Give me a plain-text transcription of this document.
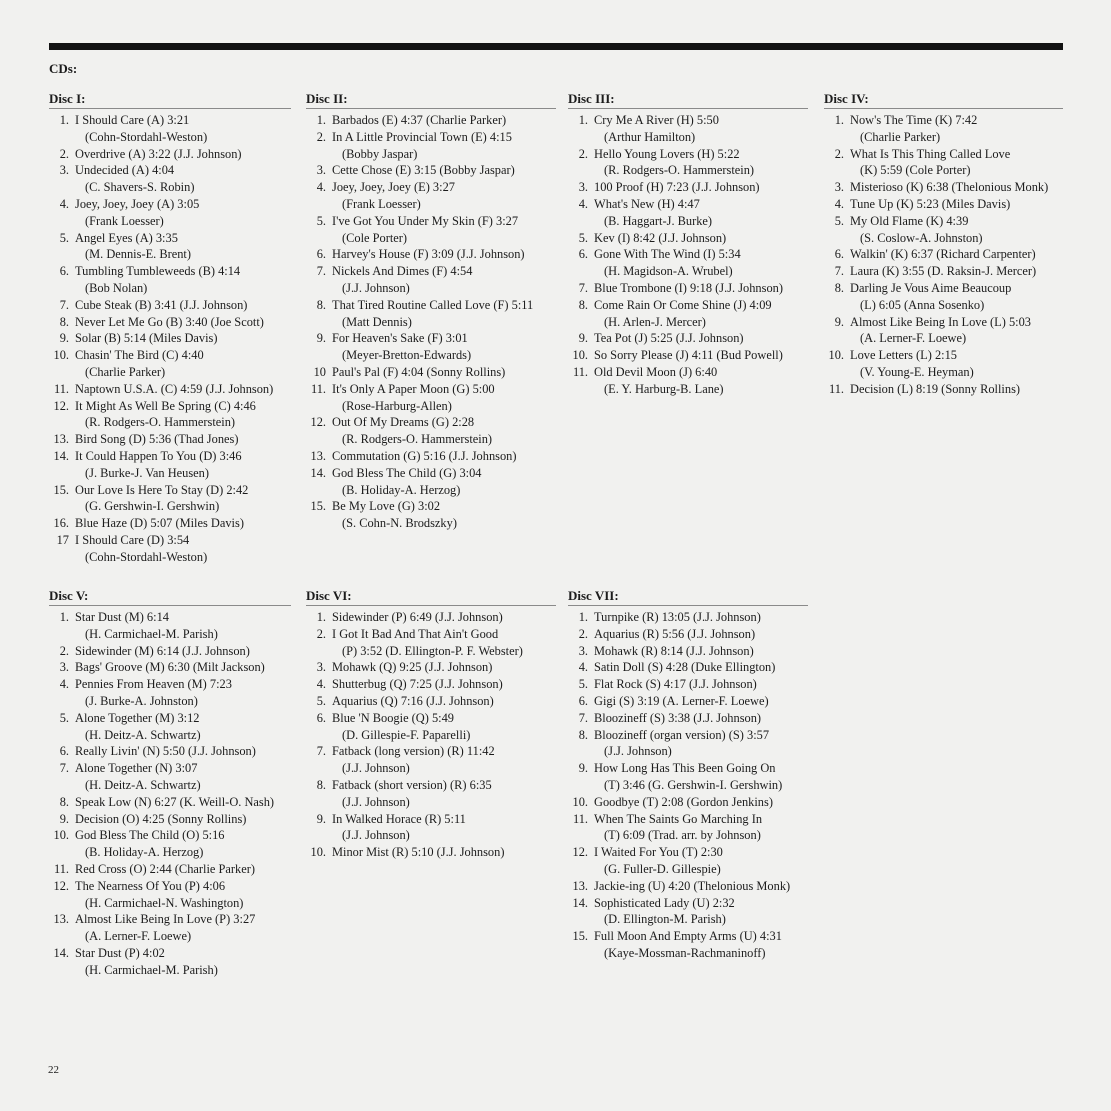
CDs:
Disc I:
1. I Should Care (A) 3:21
(Cohn-Stordahl-Weston)
2. Overdrive (A) 3:22 (J.J. Johnson)
3. Undecided (A) 4:04
(C. Shavers-S. Robin)
4. Joey, Joey, Joey (A) 3:05
(Frank Loesser)
5. Angel Eyes (A) 3:35
(M. Dennis-E. Brent)
6. Tumbling Tumbleweeds (B) 4:14
(Bob Nolan)
7. Cube Steak (B) 3:41 (J.J. Johnson)
8. Never Let Me Go (B) 3:40 (Joe Scott)
9. Solar (B) 5:14 (Miles Davis)
10. Chasin' The Bird (C) 4:40
(Charlie Parker)
11. Naptown U.S.A. (C) 4:59 (J.J. Johnson)
12. It Might As Well Be Spring (C) 4:46
(R. Rodgers-O. Hammerstein)
13. Bird Song (D) 5:36 (Thad Jones)
14. It Could Happen To You (D) 3:46
(J. Burke-J. Van Heusen)
15. Our Love Is Here To Stay (D) 2:42
(G. Gershwin-I. Gershwin)
16. Blue Haze (D) 5:07 (Miles Davis)
17 I Should Care (D) 3:54
(Cohn-Stordahl-Weston)
Disc II:
1. Barbados (E) 4:37 (Charlie Parker)
2. In A Little Provincial Town (E) 4:15
(Bobby Jaspar)
3. Cette Chose (E) 3:15 (Bobby Jaspar)
4. Joey, Joey, Joey (E) 3:27
(Frank Loesser)
5. I've Got You Under My Skin (F) 3:27
(Cole Porter)
6. Harvey's House (F) 3:09 (J.J. Johnson)
7. Nickels And Dimes (F) 4:54
(J.J. Johnson)
8. That Tired Routine Called Love (F) 5:11
(Matt Dennis)
9. For Heaven's Sake (F) 3:01
(Meyer-Bretton-Edwards)
10 Paul's Pal (F) 4:04 (Sonny Rollins)
11. It's Only A Paper Moon (G) 5:00
(Rose-Harburg-Allen)
12. Out Of My Dreams (G) 2:28
(R. Rodgers-O. Hammerstein)
13. Commutation (G) 5:16 (J.J. Johnson)
14. God Bless The Child (G) 3:04
(B. Holiday-A. Herzog)
15. Be My Love (G) 3:02
(S. Cohn-N. Brodszky)
Disc III:
1. Cry Me A River (H) 5:50
(Arthur Hamilton)
2. Hello Young Lovers (H) 5:22
(R. Rodgers-O. Hammerstein)
3. 100 Proof (H) 7:23 (J.J. Johnson)
4. What's New (H) 4:47
(B. Haggart-J. Burke)
5. Kev (I) 8:42 (J.J. Johnson)
6. Gone With The Wind (I) 5:34
(H. Magidson-A. Wrubel)
7. Blue Trombone (I) 9:18 (J.J. Johnson)
8. Come Rain Or Come Shine (J) 4:09
(H. Arlen-J. Mercer)
9. Tea Pot (J) 5:25 (J.J. Johnson)
10. So Sorry Please (J) 4:11 (Bud Powell)
11. Old Devil Moon (J) 6:40
(E. Y. Harburg-B. Lane)
Disc IV:
1. Now's The Time (K) 7:42
(Charlie Parker)
2. What Is This Thing Called Love
(K) 5:59 (Cole Porter)
3. Misterioso (K) 6:38 (Thelonious Monk)
4. Tune Up (K) 5:23 (Miles Davis)
5. My Old Flame (K) 4:39
(S. Coslow-A. Johnston)
6. Walkin' (K) 6:37 (Richard Carpenter)
7. Laura (K) 3:55 (D. Raksin-J. Mercer)
8. Darling Je Vous Aime Beaucoup
(L) 6:05 (Anna Sosenko)
9. Almost Like Being In Love (L) 5:03
(A. Lerner-F. Loewe)
10. Love Letters (L) 2:15
(V. Young-E. Heyman)
11. Decision (L) 8:19 (Sonny Rollins)
Disc V:
1. Star Dust (M) 6:14
(H. Carmichael-M. Parish)
2. Sidewinder (M) 6:14 (J.J. Johnson)
3. Bags' Groove (M) 6:30 (Milt Jackson)
4. Pennies From Heaven (M) 7:23
(J. Burke-A. Johnston)
5. Alone Together (M) 3:12
(H. Deitz-A. Schwartz)
6. Really Livin' (N) 5:50 (J.J. Johnson)
7. Alone Together (N) 3:07
(H. Deitz-A. Schwartz)
8. Speak Low (N) 6:27 (K. Weill-O. Nash)
9. Decision (O) 4:25 (Sonny Rollins)
10. God Bless The Child (O) 5:16
(B. Holiday-A. Herzog)
11. Red Cross (O) 2:44 (Charlie Parker)
12. The Nearness Of You (P) 4:06
(H. Carmichael-N. Washington)
13. Almost Like Being In Love (P) 3:27
(A. Lerner-F. Loewe)
14. Star Dust (P) 4:02
(H. Carmichael-M. Parish)
Disc VI:
1. Sidewinder (P) 6:49 (J.J. Johnson)
2. I Got It Bad And That Ain't Good
(P) 3:52 (D. Ellington-P. F. Webster)
3. Mohawk (Q) 9:25 (J.J. Johnson)
4. Shutterbug (Q) 7:25 (J.J. Johnson)
5. Aquarius (Q) 7:16 (J.J. Johnson)
6. Blue 'N Boogie (Q) 5:49
(D. Gillespie-F. Paparelli)
7. Fatback (long version) (R) 11:42
(J.J. Johnson)
8. Fatback (short version) (R) 6:35
(J.J. Johnson)
9. In Walked Horace (R) 5:11
(J.J. Johnson)
10. Minor Mist (R) 5:10 (J.J. Johnson)
Disc VII:
1. Turnpike (R) 13:05 (J.J. Johnson)
2. Aquarius (R) 5:56 (J.J. Johnson)
3. Mohawk (R) 8:14 (J.J. Johnson)
4. Satin Doll (S) 4:28 (Duke Ellington)
5. Flat Rock (S) 4:17 (J.J. Johnson)
6. Gigi (S) 3:19 (A. Lerner-F. Loewe)
7. Bloozineff (S) 3:38 (J.J. Johnson)
8. Bloozineff (organ version) (S) 3:57
(J.J. Johnson)
9. How Long Has This Been Going On
(T) 3:46 (G. Gershwin-I. Gershwin)
10. Goodbye (T) 2:08 (Gordon Jenkins)
11. When The Saints Go Marching In
(T) 6:09 (Trad. arr. by Johnson)
12. I Waited For You (T) 2:30
(G. Fuller-D. Gillespie)
13. Jackie-ing (U) 4:20 (Thelonious Monk)
14. Sophisticated Lady (U) 2:32
(D. Ellington-M. Parish)
15. Full Moon And Empty Arms (U) 4:31
(Kaye-Mossman-Rachmaninoff)
22
